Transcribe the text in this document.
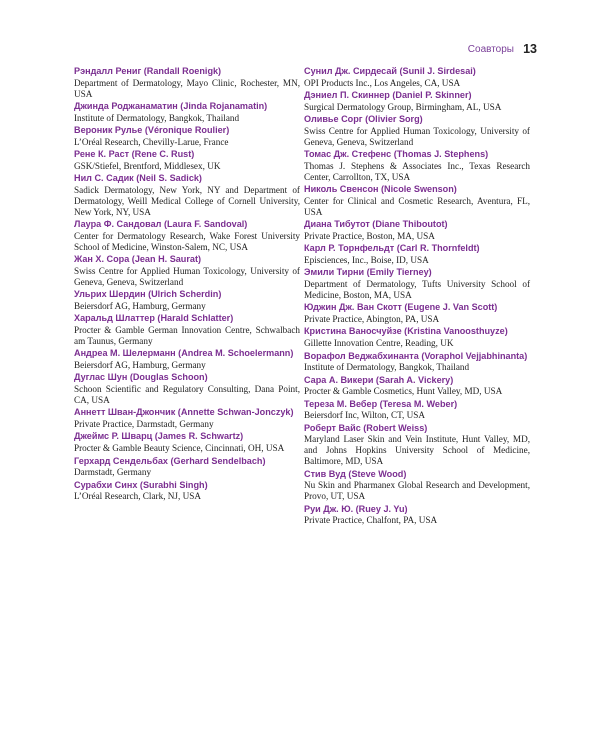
Соавторы 13
Рэндалл Рениг (Randall Roenigk)
Department of Dermatology, Mayo Clinic, Rochester, MN, USA
Джинда Роджанаматин (Jinda Rojanamatin)
Institute of Dermatology, Bangkok, Thailand
Вероник Рулье (Véronique Roulier)
L’Oréal Research, Chevilly-Larue, France
Рене К. Раст (Rene C. Rust)
GSK/Stiefel, Brentford, Middlesex, UK
Нил С. Садик (Neil S. Sadick)
Sadick Dermatology, New York, NY and Department of Dermatology, Weill Medical College of Cornell University, New York, NY, USA
Лаура Ф. Сандовал (Laura F. Sandoval)
Center for Dermatology Research, Wake Forest University School of Medicine, Winston-Salem, NC, USA
Жан Х. Сора (Jean H. Saurat)
Swiss Centre for Applied Human Toxicology, University of Geneva, Geneva, Switzerland
Ульрих Шердин (Ulrich Scherdin)
Beiersdorf AG, Hamburg, Germany
Харальд Шлаттер (Harald Schlatter)
Procter & Gamble German Innovation Centre, Schwalbach am Taunus, Germany
Андреа М. Шелерманн (Andrea M. Schoelermann)
Beiersdorf AG, Hamburg, Germany
Дуглас Шун (Douglas Schoon)
Schoon Scientific and Regulatory Consulting, Dana Point, CA, USA
Аннетт Шван-Джончик (Annette Schwan-Jonczyk)
Private Practice, Darmstadt, Germany
Джеймс Р. Шварц (James R. Schwartz)
Procter & Gamble Beauty Science, Cincinnati, OH, USA
Герхард Сендельбах (Gerhard Sendelbach)
Darmstadt, Germany
Сурабхи Синх (Surabhi Singh)
L’Oréal Research, Clark, NJ, USA
Сунил Дж. Сирдесай (Sunil J. Sirdesai)
OPI Products Inc., Los Angeles, CA, USA
Дэниел П. Скиннер (Daniel P. Skinner)
Surgical Dermatology Group, Birmingham, AL, USA
Оливье Сорг (Olivier Sorg)
Swiss Centre for Applied Human Toxicology, University of Geneva, Geneva, Switzerland
Томас Дж. Стефенс (Thomas J. Stephens)
Thomas J. Stephens & Associates Inc., Texas Research Center, Carrollton, TX, USA
Николь Свенсон (Nicole Swenson)
Center for Clinical and Cosmetic Research, Aventura, FL, USA
Диана Тибутот (Diane Thiboutot)
Private Practice, Boston, MA, USA
Карл Р. Торнфельдт (Carl R. Thornfeldt)
Episciences, Inc., Boise, ID, USA
Эмили Тирни (Emily Tierney)
Department of Dermatology, Tufts University School of Medicine, Boston, MA, USA
Юджин Дж. Ван Скотт (Eugene J. Van Scott)
Private Practice, Abington, PA, USA
Кристина Ваносчуйзе (Kristina Vanoosthuyze)
Gillette Innovation Centre, Reading, UK
Ворафол Веджабхинанта (Voraphol Vejjabhinanta)
Institute of Dermatology, Bangkok, Thailand
Сара А. Викери (Sarah A. Vickery)
Procter & Gamble Cosmetics, Hunt Valley, MD, USA
Тереза М. Вебер (Teresa M. Weber)
Beiersdorf Inc, Wilton, CT, USA
Роберт Вайс (Robert Weiss)
Maryland Laser Skin and Vein Institute, Hunt Valley, MD, and Johns Hopkins University School of Medicine, Baltimore, MD, USA
Стив Вуд (Steve Wood)
Nu Skin and Pharmanex Global Research and Development, Provo, UT, USA
Руи Дж. Ю. (Ruey J. Yu)
Private Practice, Chalfont, PA, USA
